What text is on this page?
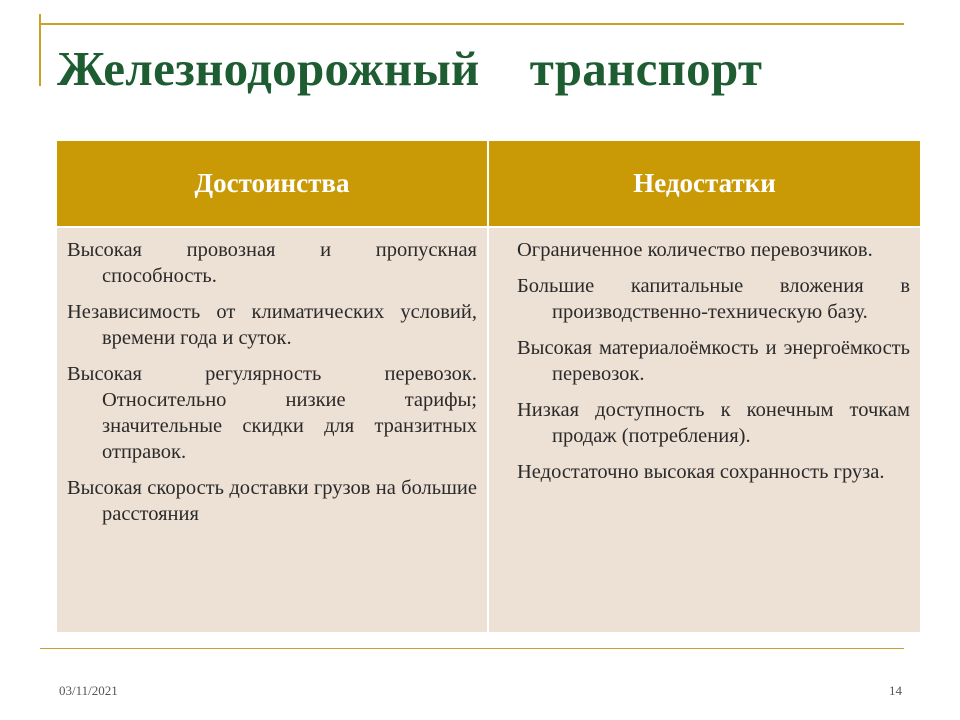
Железнодорожный    транспорт
Достоинства	Недостатки

Высокая провозная и пропускная способность.

Независимость от климатических условий, времени года и суток.

Высокая регулярность перевозок. Относительно низкие тарифы; значительные скидки для транзитных отправок.

Высокая скорость доставки грузов на большие расстояния

Ограниченное количество перевозчиков.

Большие капитальные вложения в производственно-техническую базу.

Высокая материалоёмкость и энергоёмкость перевозок.

Низкая доступность к конечным точкам продаж (потребления).

Недостаточно высокая сохранность груза.

03/11/2021	14
